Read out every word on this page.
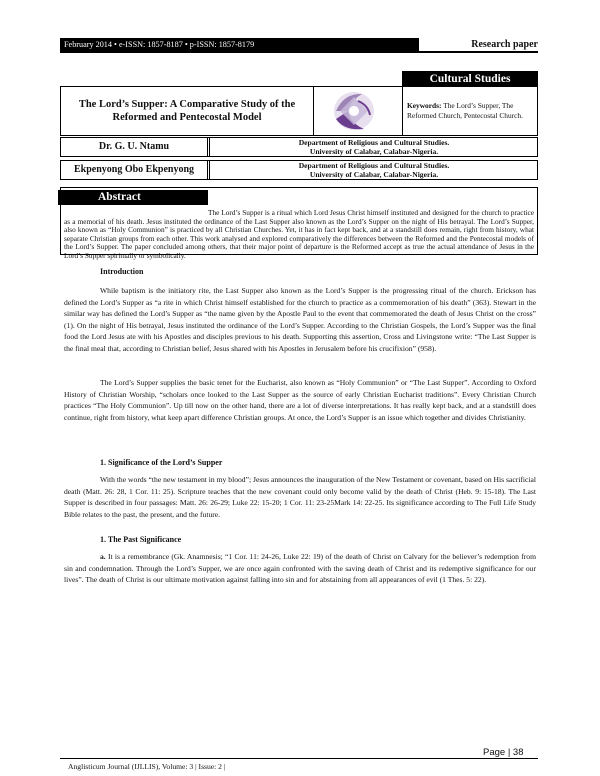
February 2014 • e-ISSN: 1857-8187 • p-ISSN: 1857-8179	Research paper
Cultural Studies
The Lord’s Supper: A Comparative Study of the Reformed and Pentecostal Model
Keywords: The Lord’s Supper, The Reformed Church, Pentecostal Church.
Dr. G. U. Ntamu	Department of Religious and Cultural Studies.
University of Calabar, Calabar-Nigeria.
Ekpenyong Obo Ekpenyong	Department of Religious and Cultural Studies.
University of Calabar, Calabar-Nigeria.
Abstract
The Lord’s Supper is a ritual which Lord Jesus Christ himself instituted and designed for the church to practice as a memorial of his death. Jesus instituted the ordinance of the Last Supper also known as the Lord’s Supper on the night of His betrayal. The Lord’s Supper, also known as “Holy Communion” is practiced by all Christian Churches. Yet, it has in fact kept back, and at a standstill does remain, right from history, what separate Christian groups from each other. This work analysed and explored comparatively the differences between the Reformed and the Pentecostal models of the Lord’s Supper. The paper concluded among others, that their major point of departure is the Reformed accept as true the actual attendance of Jesus in the Lord’s Supper spiritually or symbolically.
Introduction
While baptism is the initiatory rite, the Last Supper also known as the Lord’s Supper is the progressing ritual of the church. Erickson has defined the Lord’s Supper as “a rite in which Christ himself established for the church to practice as a commemoration of his death” (363). Stewart in the similar way has defined the Lord’s Supper as “the name given by the Apostle Paul to the event that commemorated the death of Jesus Christ on the cross” (1). On the night of His betrayal, Jesus instituted the ordinance of the Lord’s Supper. According to the Christian Gospels, the Lord’s Supper was the final food the Lord Jesus ate with his Apostles and disciples previous to his death. Supporting this assertion, Cross and Livingstone write: “The Last Supper is the final meal that, according to Christian belief, Jesus shared with his Apostles in Jerusalem before his crucifixion” (958).
The Lord’s Supper supplies the basic tenet for the Eucharist, also known as “Holy Communion” or “The Last Supper”. According to Oxford History of Christian Worship, “scholars once looked to the Last Supper as the source of early Christian Eucharist traditions”. Every Christian Church practices “The Holy Communion”. Up till now on the other hand, there are a lot of diverse interpretations. It has really kept back, and at a standstill does continue, right from history, what keep apart difference Christian groups. At once, the Lord’s Supper is an issue which together and divides Christianity.
1. Significance of the Lord’s Supper
With the words “the new testament in my blood”; Jesus announces the inauguration of the New Testament or covenant, based on His sacrificial death (Matt. 26: 28, 1 Cor. 11: 25). Scripture teaches that the new covenant could only become valid by the death of Christ (Heb. 9: 15-18). The Last Supper is described in four passages: Matt. 26: 26-29; Luke 22: 15-20; 1 Cor. 11: 23-25Mark 14: 22-25. Its significance according to The Full Life Study Bible relates to the past, the present, and the future.
1. The Past Significance
a. It is a remembrance (Gk. Anamnesis; “1 Cor. 11: 24-26, Luke 22: 19) of the death of Christ on Calvary for the believer’s redemption from sin and condemnation. Through the Lord’s Supper, we are once again confronted with the saving death of Christ and its redemptive significance for our lives”. The death of Christ is our ultimate motivation against falling into sin and for abstaining from all appearances of evil (1 Thes. 5: 22).
Page | 38
Anglisticum Journal (IJLLIS), Volume: 3 | Issue: 2 |
